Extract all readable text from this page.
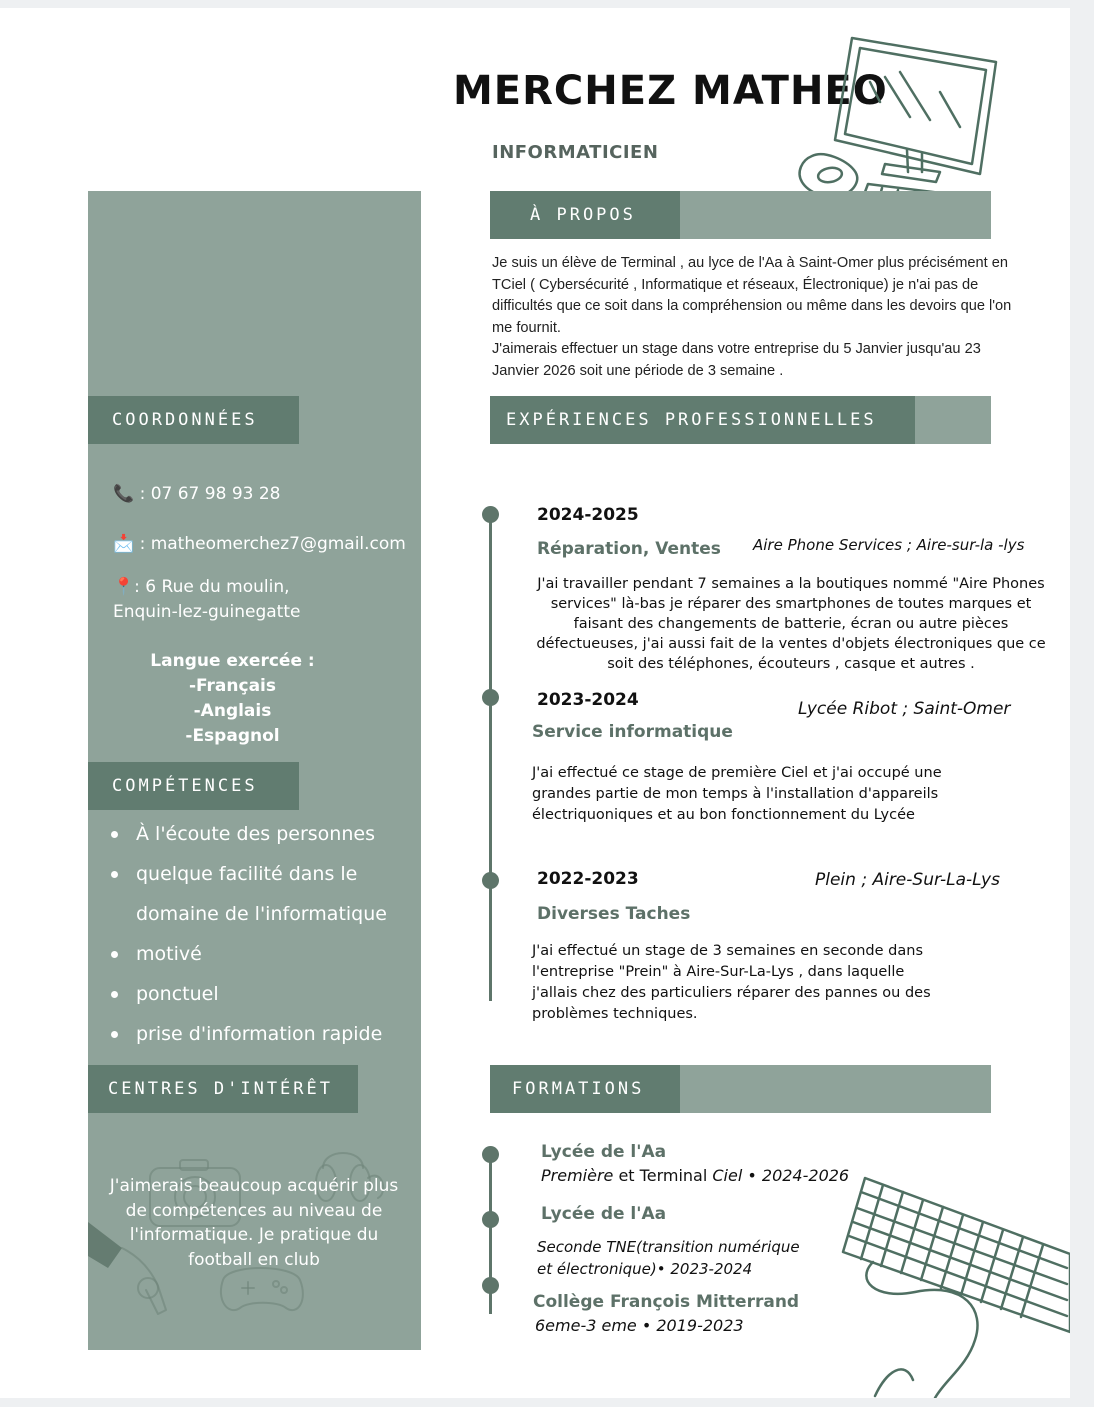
MERCHEZ MATHEO
INFORMATICIEN
À PROPOS

Je suis un élève de Terminal , au lyce de l'Aa à Saint-Omer plus précisément en TCiel ( Cybersécurité , Informatique et réseaux, Électronique) je n'ai pas de difficultés que ce soit dans la compréhension ou même dans les devoirs que l'on me fournit.

J'aimerais effectuer un stage dans votre entreprise du 5 Janvier jusqu'au 23 Janvier 2026 soit une période de 3 semaine .

COORDONNÉES
📞 : 07 67 98 93 28
📩 : matheomerchez7@gmail.com
📍: 6 Rue du moulin,
Enquin-lez-guinegatte
Langue exercée :
-Français
-Anglais
-Espagnol
COMPÉTENCES
À l'écoute des personnes
quelque facilité dans le
domaine de l'informatique
motivé
ponctuel
prise d'information rapide
CENTRES D'INTÉRÊT
J'aimerais beaucoup acquérir plus de compétences au niveau de l'informatique. Je pratique du football en club
EXPÉRIENCES PROFESSIONNELLES
2024-2025
Réparation, Ventes Aire Phone Services ; Aire-sur-la -lys
J'ai travailler pendant 7 semaines a la boutiques nommé "Aire Phones services" là-bas je réparer des smartphones de toutes marques et faisant des changements de batterie, écran ou autre pièces défectueuses, j'ai aussi fait de la ventes d'objets électroniques que ce soit des téléphones, écouteurs , casque et autres .
2023-2024
Service informatique
Lycée Ribot ; Saint-Omer
J'ai effectué ce stage de première Ciel et j'ai occupé une grandes partie de mon temps à l'installation d'appareils électriquoniques et au bon fonctionnement du Lycée
2022-2023
Diverses Taches
Plein ; Aire-Sur-La-Lys
J'ai effectué un stage de 3 semaines en seconde dans l'entreprise "Prein" à Aire-Sur-La-Lys , dans laquelle j'allais chez des particuliers réparer des pannes ou des problèmes techniques.
FORMATIONS
Lycée de l'Aa
Première et Terminal Ciel • 2024-2026
Lycée de l'Aa
Seconde TNE(transition numérique
et électronique)• 2023-2024
Collège François Mitterrand
6eme-3 eme • 2019-2023
